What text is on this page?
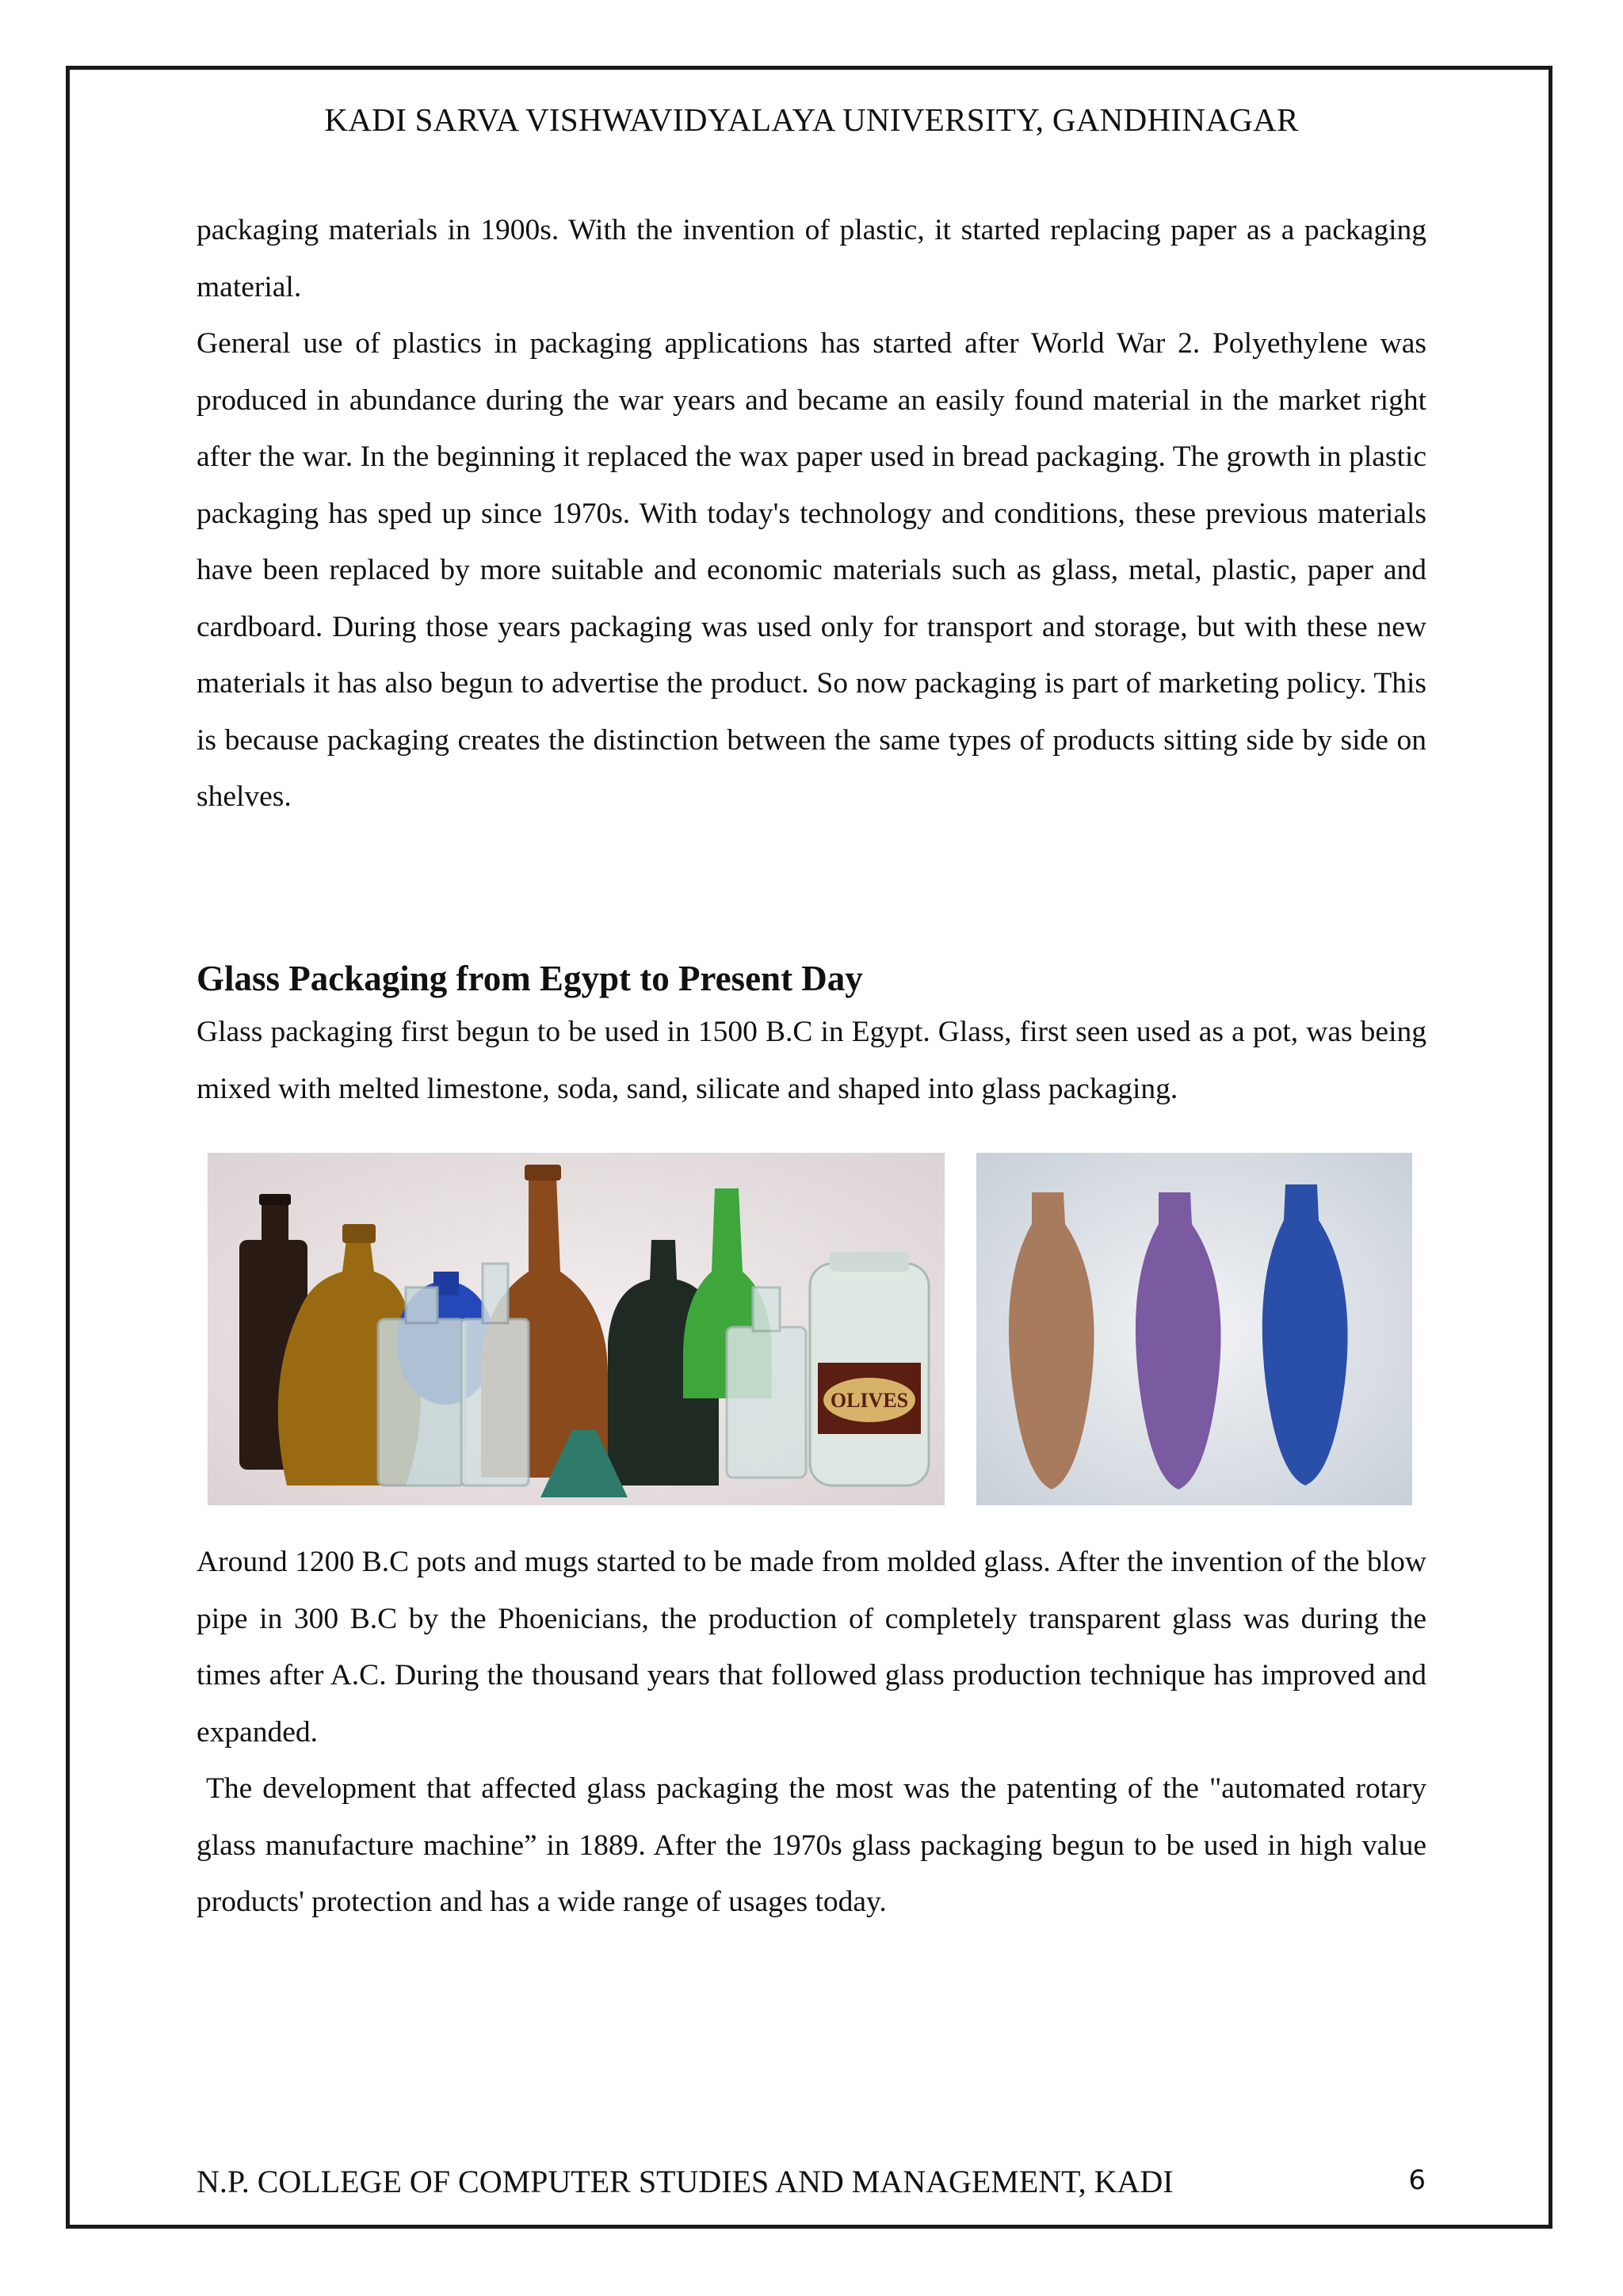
KADI SARVA VISHWAVIDYALAYA UNIVERSITY, GANDHINAGAR

packaging materials in 1900s. With the invention of plastic, it started replacing paper as a packaging material.

General use of plastics in packaging applications has started after World War 2. Polyethylene was produced in abundance during the war years and became an easily found material in the market right after the war. In the beginning it replaced the wax paper used in bread packaging. The growth in plastic packaging has sped up since 1970s. With today's technology and conditions, these previous materials have been replaced by more suitable and economic materials such as glass, metal, plastic, paper and cardboard. During those years packaging was used only for transport and storage, but with these new materials it has also begun to advertise the product. So now packaging is part of marketing policy. This is because packaging creates the distinction between the same types of products sitting side by side on shelves.

Glass Packaging from Egypt to Present Day

Glass packaging first begun to be used in 1500 B.C in Egypt. Glass, first seen used as a pot, was being mixed with melted limestone, soda, sand, silicate and shaped into glass packaging.

OLIVES

Around 1200 B.C pots and mugs started to be made from molded glass. After the invention of the blow pipe in 300 B.C by the Phoenicians, the production of completely transparent glass was during the times after A.C. During the thousand years that followed glass production technique has improved and expanded.

The development that affected glass packaging the most was the patenting of the "automated rotary glass manufacture machine” in 1889. After the 1970s glass packaging begun to be used in high value products' protection and has a wide range of usages today.

N.P. COLLEGE OF COMPUTER STUDIES AND MANAGEMENT, KADI	6
